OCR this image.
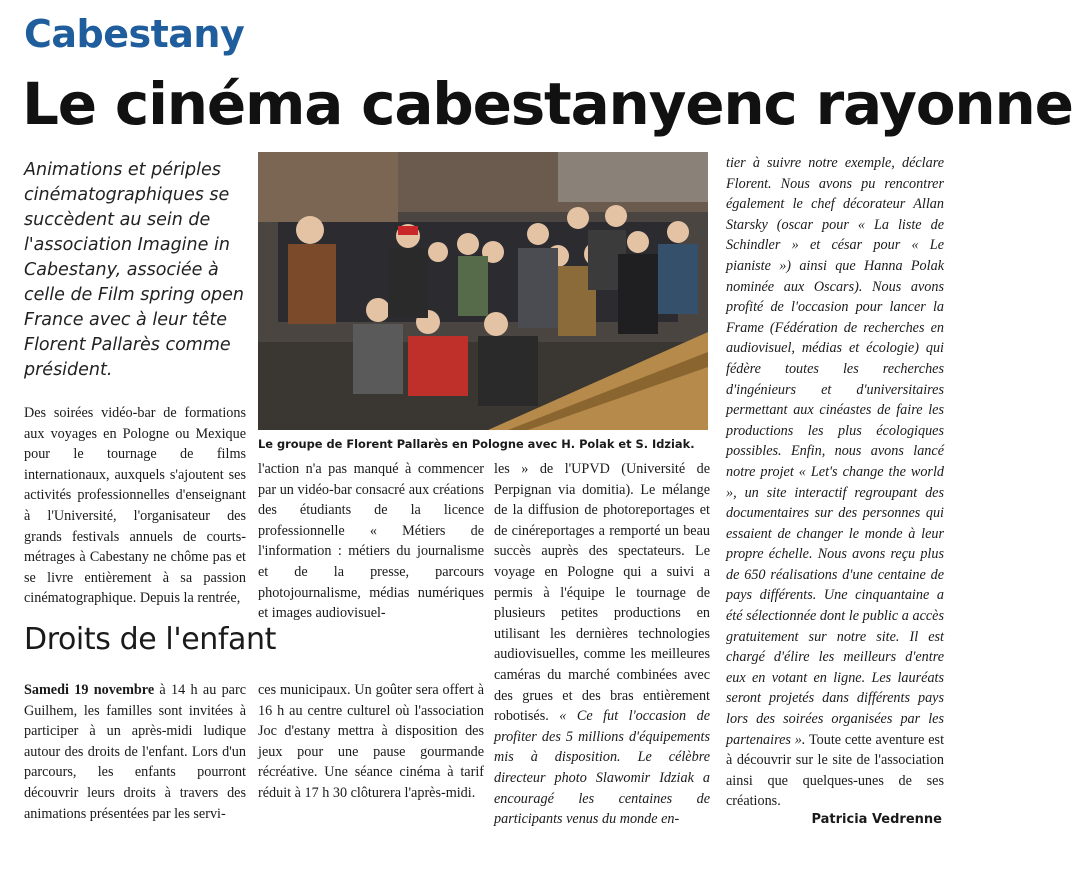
Cabestany
Le cinéma cabestanyenc rayonne
Animations et périples cinématographiques se succèdent au sein de l'association Imagine in Cabestany, associée à celle de Film spring open France avec à leur tête Florent Pallarès comme président.
Le groupe de Florent Pallarès en Pologne avec H. Polak et S. Idziak.

Des soirées vidéo-bar de formations aux voyages en Pologne ou Mexique pour le tournage de films internationaux, auxquels s'ajoutent ses activités professionnelles d'enseignant à l'Université, l'organisateur des grands festivals annuels de courts-métrages à Cabestany ne chôme pas et se livre entièrement à sa passion cinématographique. Depuis la rentrée,

l'action n'a pas manqué à commencer par un vidéo-bar consacré aux créations des étudiants de la licence professionnelle « Métiers de l'information : métiers du journalisme et de la presse, parcours photojournalisme, médias numériques et images audiovisuel-

les » de l'UPVD (Université de Perpignan via domitia). Le mélange de la diffusion de photoreportages et de cinéreportages a remporté un beau succès auprès des spectateurs. Le voyage en Pologne qui a suivi a permis à l'équipe le tournage de plusieurs petites productions en utilisant les dernières technologies audiovisuelles, comme les meilleures caméras du marché combinées avec des grues et des bras entièrement robotisés. « Ce fut l'occasion de profiter des 5 millions d'équipements mis à disposition. Le célèbre directeur photo Slawomir Idziak a encouragé les centaines de participants venus du monde en-

tier à suivre notre exemple, déclare Florent. Nous avons pu rencontrer également le chef décorateur Allan Starsky (oscar pour « La liste de Schindler » et césar pour « Le pianiste ») ainsi que Hanna Polak nominée aux Oscars). Nous avons profité de l'occasion pour lancer la Frame (Fédération de recherches en audiovisuel, médias et écologie) qui fédère toutes les recherches d'ingénieurs et d'universitaires permettant aux cinéastes de faire les productions les plus écologiques possibles. Enfin, nous avons lancé notre projet « Let's change the world », un site interactif regroupant des documentaires sur des personnes qui essaient de changer le monde à leur propre échelle. Nous avons reçu plus de 650 réalisations d'une centaine de pays différents. Une cinquantaine a été sélectionnée dont le public a accès gratuitement sur notre site. Il est chargé d'élire les meilleurs d'entre eux en votant en ligne. Les lauréats seront projetés dans différents pays lors des soirées organisées par les partenaires ». Toute cette aventure est à découvrir sur le site de l'association ainsi que quelques-unes de ses créations.

Droits de l'enfant

Samedi 19 novembre à 14 h au parc Guilhem, les familles sont invitées à participer à un après-midi ludique autour des droits de l'enfant. Lors d'un parcours, les enfants pourront découvrir leurs droits à travers des animations présentées par les servi-

ces municipaux. Un goûter sera offert à 16 h au centre culturel où l'association Joc d'estany mettra à disposition des jeux pour une pause gourmande récréative. Une séance cinéma à tarif réduit à 17 h 30 clôturera l'après-midi.

Patricia Vedrenne
